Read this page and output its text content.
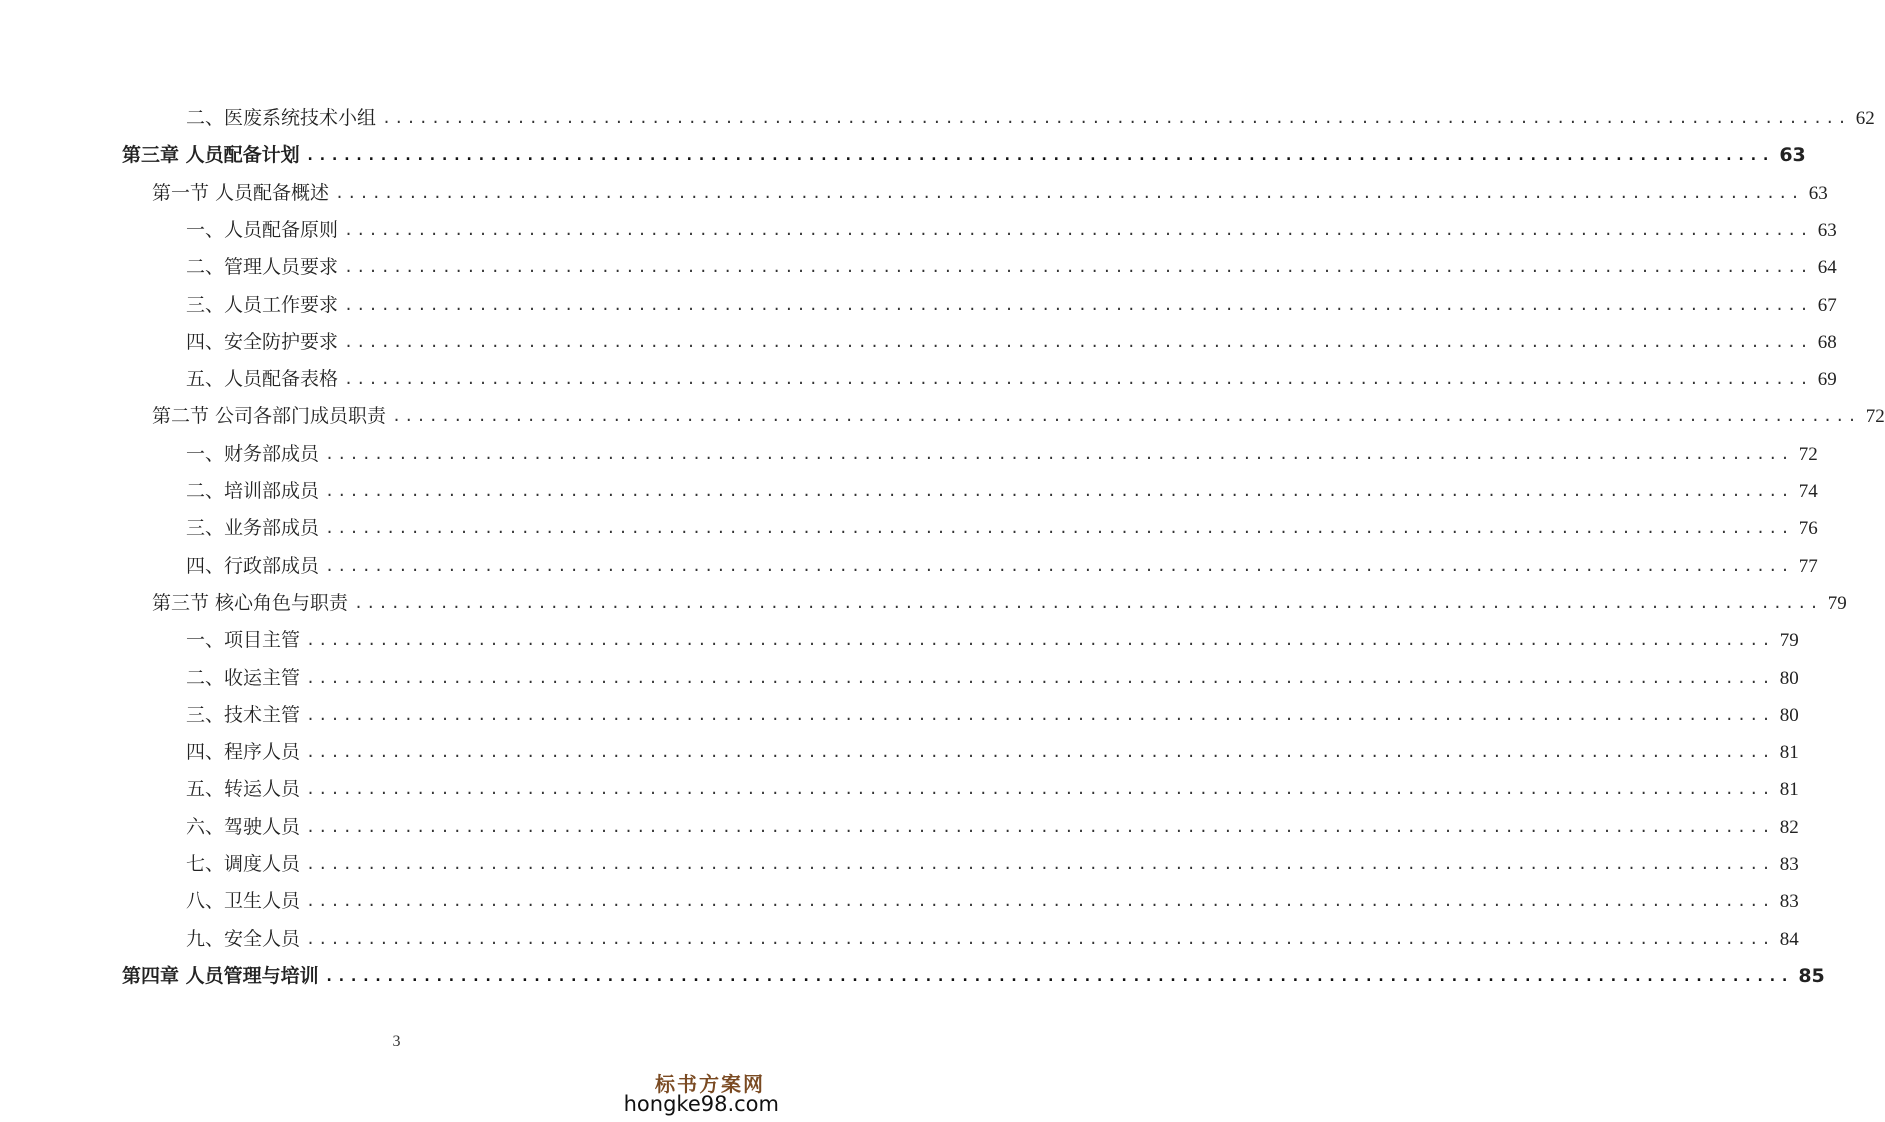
二、医废系统技术小组 ........................................................................................................................ 62
第三章 人员配备计划 ........................................................................................................................ 63
第一节 人员配备概述 ........................................................................................................................ 63
一、人员配备原则 ........................................................................................................................ 63
二、管理人员要求 ........................................................................................................................ 64
三、人员工作要求 ........................................................................................................................ 67
四、安全防护要求 ........................................................................................................................ 68
五、人员配备表格 ........................................................................................................................ 69
第二节 公司各部门成员职责 ........................................................................................................................ 72
一、财务部成员 ........................................................................................................................ 72
二、培训部成员 ........................................................................................................................ 74
三、业务部成员 ........................................................................................................................ 76
四、行政部成员 ........................................................................................................................ 77
第三节 核心角色与职责 ........................................................................................................................ 79
一、项目主管 ........................................................................................................................ 79
二、收运主管 ........................................................................................................................ 80
三、技术主管 ........................................................................................................................ 80
四、程序人员 ........................................................................................................................ 81
五、转运人员 ........................................................................................................................ 81
六、驾驶人员 ........................................................................................................................ 82
七、调度人员 ........................................................................................................................ 83
八、卫生人员 ........................................................................................................................ 83
九、安全人员 ........................................................................................................................ 84
第四章 人员管理与培训 ........................................................................................................................ 85
3
标书方案网
hongke98.com
